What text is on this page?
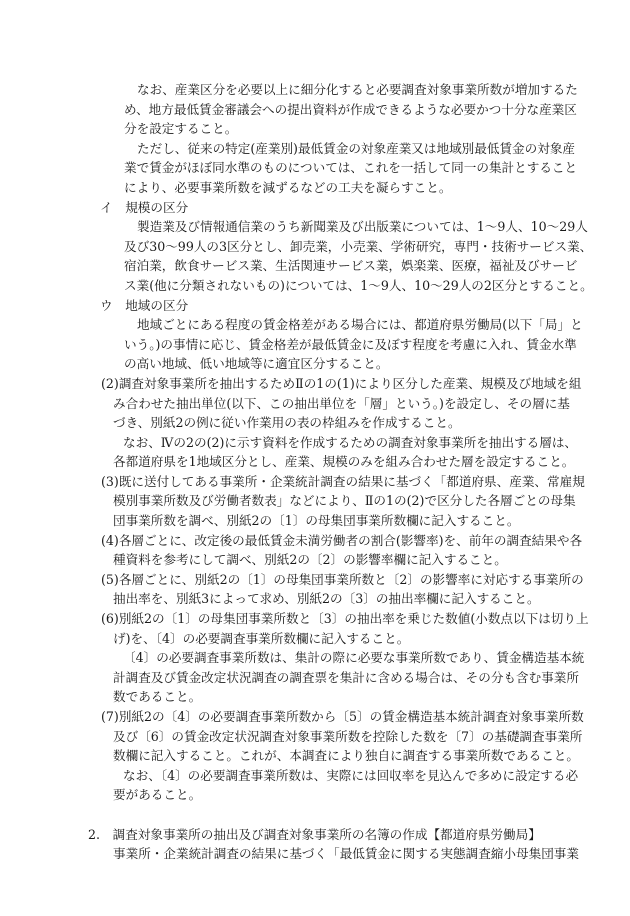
なお、産業区分を必要以上に細分化すると必要調査対象事業所数が増加するた
め、地方最低賃金審議会への提出資料が作成できるような必要かつ十分な産業区
分を設定すること。
ただし、従来の特定(産業別)最低賃金の対象産業又は地域別最低賃金の対象産
業で賃金がほぼ同水準のものについては、これを一括して同一の集計とすること
により、必要事業所数を減ずるなどの工夫を凝らすこと。
イ　規模の区分
製造業及び情報通信業のうち新聞業及び出版業については、1～9人、10～29人
及び30～99人の3区分とし、卸売業，小売業、学術研究，専門・技術サービス業、
宿泊業，飲食サービス業、生活関連サービス業，娯楽業、医療，福祉及びサービ
ス業(他に分類されないもの)については、1～9人、10～29人の2区分とすること。
ウ　地域の区分
地域ごとにある程度の賃金格差がある場合には、都道府県労働局(以下「局」と
いう。)の事情に応じ、賃金格差が最低賃金に及ぼす程度を考慮に入れ、賃金水準
の高い地域、低い地域等に適宜区分すること。
(2)調査対象事業所を抽出するためⅡの1の(1)により区分した産業、規模及び地域を組
み合わせた抽出単位(以下、この抽出単位を「層」という。)を設定し、その層に基
づき、別紙2の例に従い作業用の表の枠組みを作成すること。
なお、Ⅳの2の(2)に示す資料を作成するための調査対象事業所を抽出する層は、
各都道府県を1地域区分とし、産業、規模のみを組み合わせた層を設定すること。
(3)既に送付してある事業所・企業統計調査の結果に基づく「都道府県、産業、常雇規
模別事業所数及び労働者数表」などにより、Ⅱの1の(2)で区分した各層ごとの母集
団事業所数を調べ、別紙2の〔1〕の母集団事業所数欄に記入すること。
(4)各層ごとに、改定後の最低賃金未満労働者の割合(影響率)を、前年の調査結果や各
種資料を参考にして調べ、別紙2の〔2〕の影響率欄に記入すること。
(5)各層ごとに、別紙2の〔1〕の母集団事業所数と〔2〕の影響率に対応する事業所の
抽出率を、別紙3によって求め、別紙2の〔3〕の抽出率欄に記入すること。
(6)別紙2の〔1〕の母集団事業所数と〔3〕の抽出率を乗じた数値(小数点以下は切り上
げ)を、〔4〕の必要調査事業所数欄に記入すること。
〔4〕の必要調査事業所数は、集計の際に必要な事業所数であり、賃金構造基本統
計調査及び賃金改定状況調査の調査票を集計に含める場合は、その分も含む事業所
数であること。
(7)別紙2の〔4〕の必要調査事業所数から〔5〕の賃金構造基本統計調査対象事業所数
及び〔6〕の賃金改定状況調査対象事業所数を控除した数を〔7〕の基礎調査事業所
数欄に記入すること。これが、本調査により独自に調査する事業所数であること。
なお、〔4〕の必要調査事業所数は、実際には回収率を見込んで多めに設定する必
要があること。
2.　調査対象事業所の抽出及び調査対象事業所の名簿の作成【都道府県労働局】
事業所・企業統計調査の結果に基づく「最低賃金に関する実態調査縮小母集団事業
